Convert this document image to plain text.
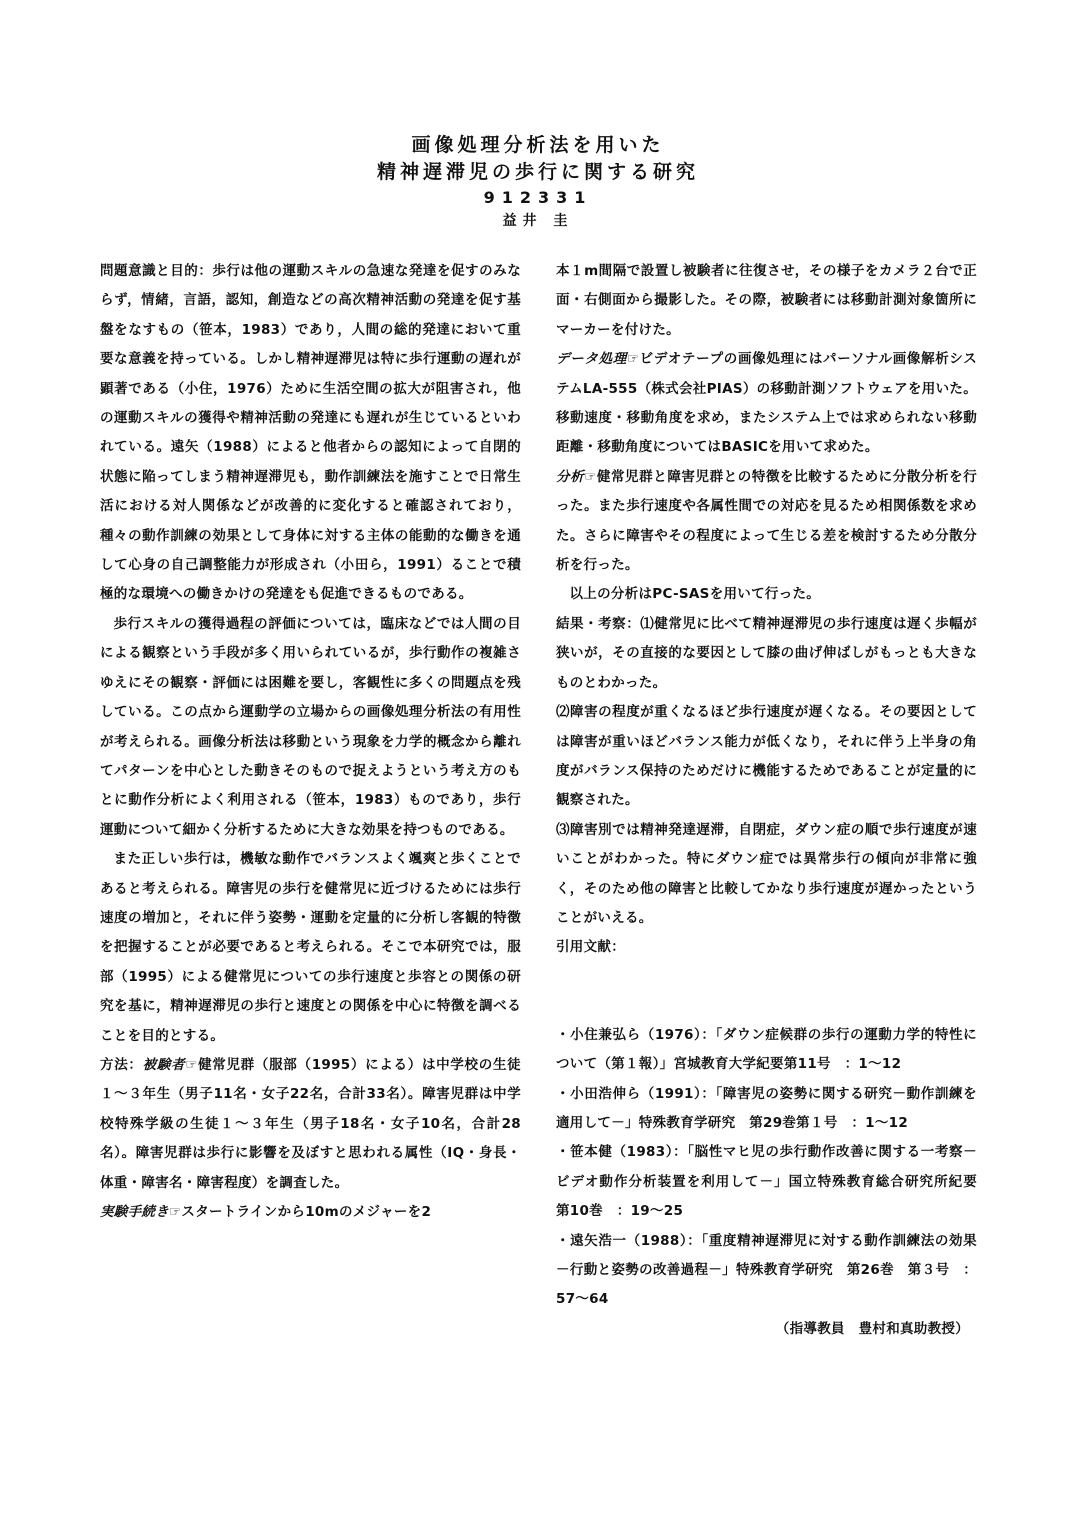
画像処理分析法を用いた
精神遅滞児の歩行に関する研究
912331
益井 圭

問題意識と目的：歩行は他の運動スキルの急速な発達を促すのみならず，情緒，言語，認知，創造などの高次精神活動の発達を促す基盤をなすもの（笹本，1983）であり，人間の総的発達において重要な意義を持っている。しかし精神遅滞児は特に歩行運動の遅れが顕著である（小住，1976）ために生活空間の拡大が阻害され，他の運動スキルの獲得や精神活動の発達にも遅れが生じているといわれている。遠矢（1988）によると他者からの認知によって自閉的状態に陥ってしまう精神遅滞児も，動作訓練法を施すことで日常生活における対人関係などが改善的に変化すると確認されており，種々の動作訓練の効果として身体に対する主体の能動的な働きを通して心身の自己調整能力が形成され（小田ら，1991）ることで積極的な環境への働きかけの発達をも促進できるものである。

歩行スキルの獲得過程の評価については，臨床などでは人間の目による観察という手段が多く用いられているが，歩行動作の複雑さゆえにその観察・評価には困難を要し，客観性に多くの問題点を残している。この点から運動学の立場からの画像処理分析法の有用性が考えられる。画像分析法は移動という現象を力学的概念から離れてパターンを中心とした動きそのもので捉えようという考え方のもとに動作分析によく利用される（笹本，1983）ものであり，歩行運動について細かく分析するために大きな効果を持つものである。

また正しい歩行は，機敏な動作でバランスよく颯爽と歩くことであると考えられる。障害児の歩行を健常児に近づけるためには歩行速度の増加と，それに伴う姿勢・運動を定量的に分析し客観的特徴を把握することが必要であると考えられる。そこで本研究では，服部（1995）による健常児についての歩行速度と歩容との関係の研究を基に，精神遅滞児の歩行と速度との関係を中心に特徴を調べることを目的とする。

方法：被験者☞健常児群（服部（1995）による）は中学校の生徒１～３年生（男子11名・女子22名，合計33名）。障害児群は中学校特殊学級の生徒１～３年生（男子18名・女子10名，合計28名）。障害児群は歩行に影響を及ぼすと思われる属性（IQ・身長・体重・障害名・障害程度）を調査した。

実験手続き☞スタートラインから10mのメジャーを2

本１m間隔で設置し被験者に往復させ，その様子をカメラ２台で正面・右側面から撮影した。その際，被験者には移動計測対象箇所にマーカーを付けた。

データ処理☞ビデオテープの画像処理にはパーソナル画像解析システムLA-555（株式会社PIAS）の移動計測ソフトウェアを用いた。移動速度・移動角度を求め，またシステム上では求められない移動距離・移動角度についてはBASICを用いて求めた。

分析☞健常児群と障害児群との特徴を比較するために分散分析を行った。また歩行速度や各属性間での対応を見るため相関係数を求めた。さらに障害やその程度によって生じる差を検討するため分散分析を行った。

以上の分析はPC-SASを用いて行った。

結果・考察：⑴健常児に比べて精神遅滞児の歩行速度は遅く歩幅が狭いが，その直接的な要因として膝の曲げ伸ばしがもっとも大きなものとわかった。

⑵障害の程度が重くなるほど歩行速度が遅くなる。その要因としては障害が重いほどバランス能力が低くなり，それに伴う上半身の角度がバランス保持のためだけに機能するためであることが定量的に観察された。

⑶障害別では精神発達遅滞，自閉症，ダウン症の順で歩行速度が速いことがわかった。特にダウン症では異常歩行の傾向が非常に強く，そのため他の障害と比較してかなり歩行速度が遅かったということがいえる。

引用文献：

・小住兼弘ら（1976）：「ダウン症候群の歩行の運動力学的特性について（第１報）」宮城教育大学紀要第11号　：1～12

・小田浩伸ら（1991）：「障害児の姿勢に関する研究－動作訓練を適用して－」特殊教育学研究　第29巻第１号　：1～12

・笹本健（1983）：「脳性マヒ児の歩行動作改善に関する一考察－ビデオ動作分析装置を利用して－」国立特殊教育総合研究所紀要　第10巻　：19～25

・遠矢浩一（1988）：「重度精神遅滞児に対する動作訓練法の効果－行動と姿勢の改善過程－」特殊教育学研究　第26巻　第３号　：57～64

（指導教員　豊村和真助教授）
